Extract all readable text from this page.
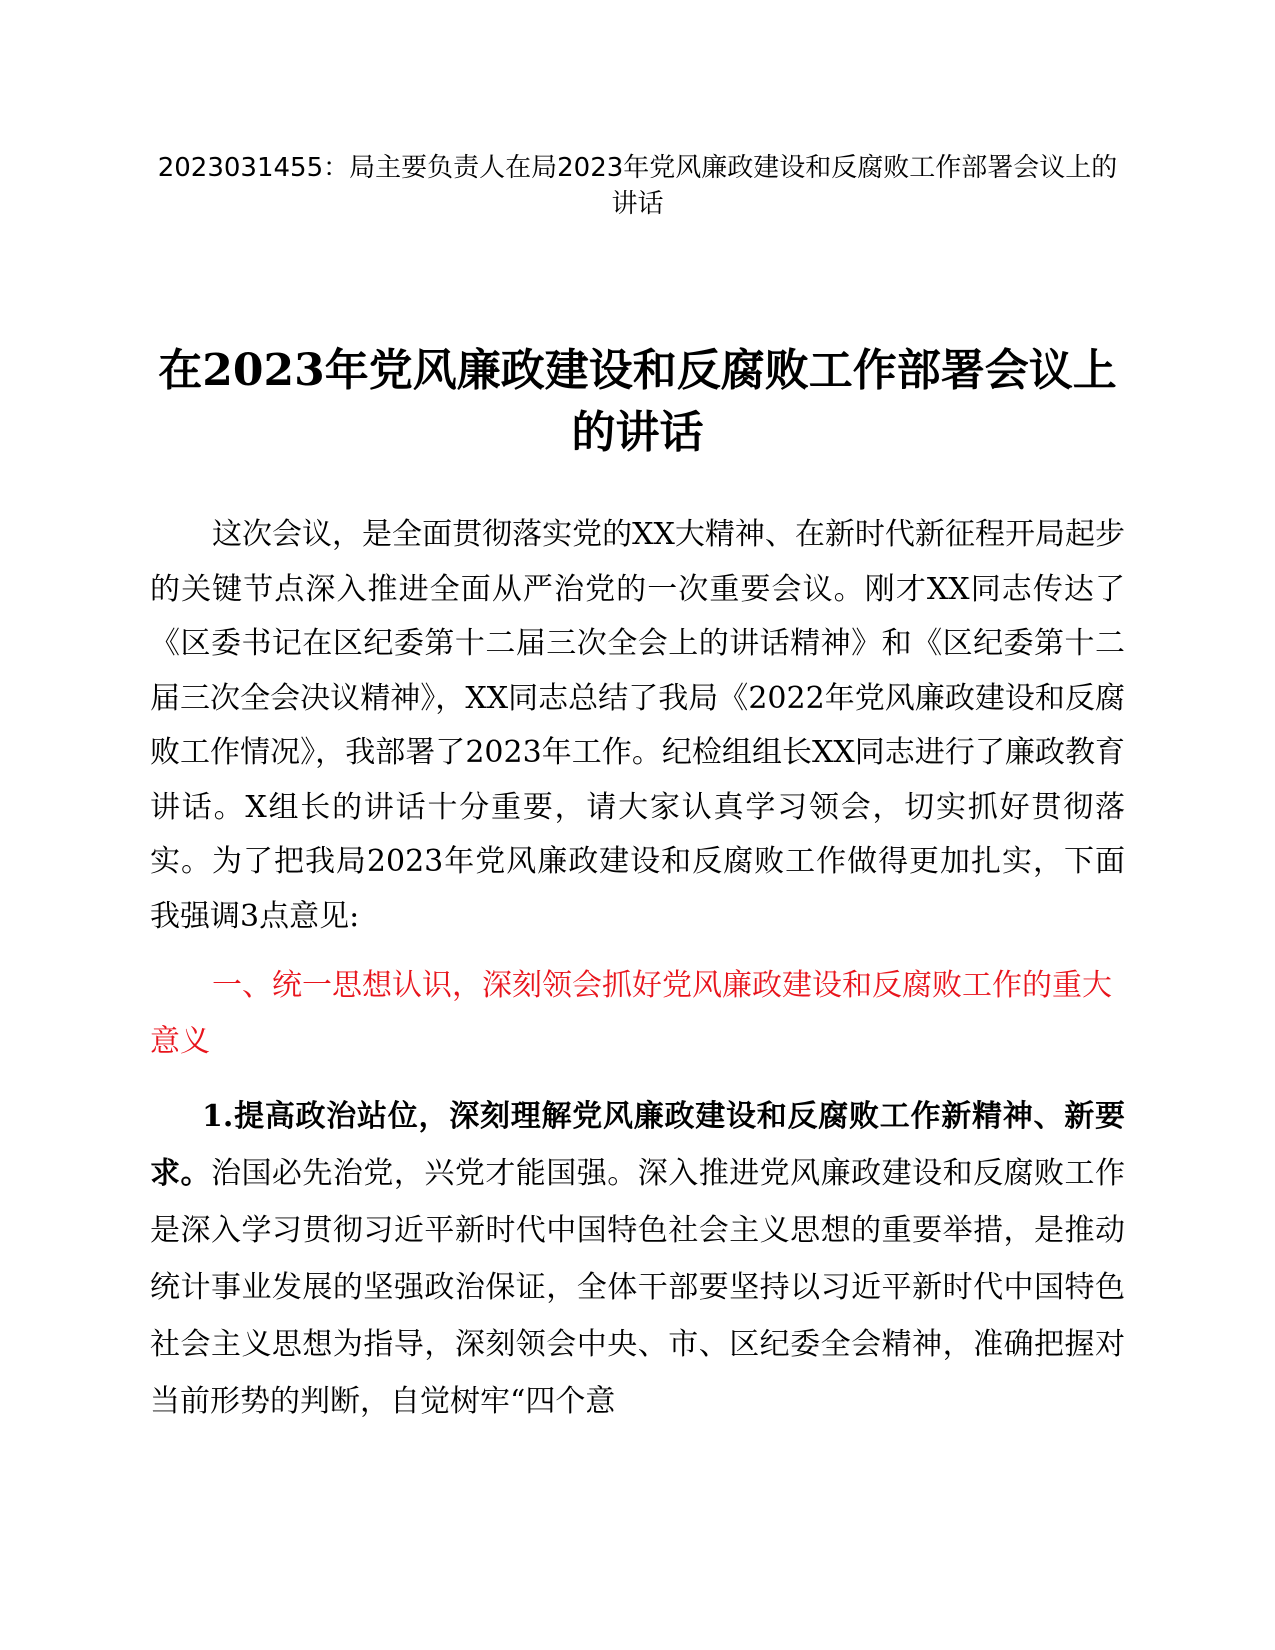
2023031455：局主要负责人在局2023年党风廉政建设和反腐败工作部署会议上的讲话
在2023年党风廉政建设和反腐败工作部署会议上的讲话
这次会议，是全面贯彻落实党的XX大精神、在新时代新征程开局起步的关键节点深入推进全面从严治党的一次重要会议。刚才XX同志传达了《区委书记在区纪委第十二届三次全会上的讲话精神》和《区纪委第十二届三次全会决议精神》，XX同志总结了我局《2022年党风廉政建设和反腐败工作情况》，我部署了2023年工作。纪检组组长XX同志进行了廉政教育讲话。X组长的讲话十分重要，请大家认真学习领会，切实抓好贯彻落实。为了把我局2023年党风廉政建设和反腐败工作做得更加扎实，下面我强调3点意见:
一、统一思想认识，深刻领会抓好党风廉政建设和反腐败工作的重大意义
1.提高政治站位，深刻理解党风廉政建设和反腐败工作新精神、新要求。治国必先治党，兴党才能国强。深入推进党风廉政建设和反腐败工作是深入学习贯彻习近平新时代中国特色社会主义思想的重要举措，是推动统计事业发展的坚强政治保证，全体干部要坚持以习近平新时代中国特色社会主义思想为指导，深刻领会中央、市、区纪委全会精神，准确把握对当前形势的判断，自觉树牢“四个意
